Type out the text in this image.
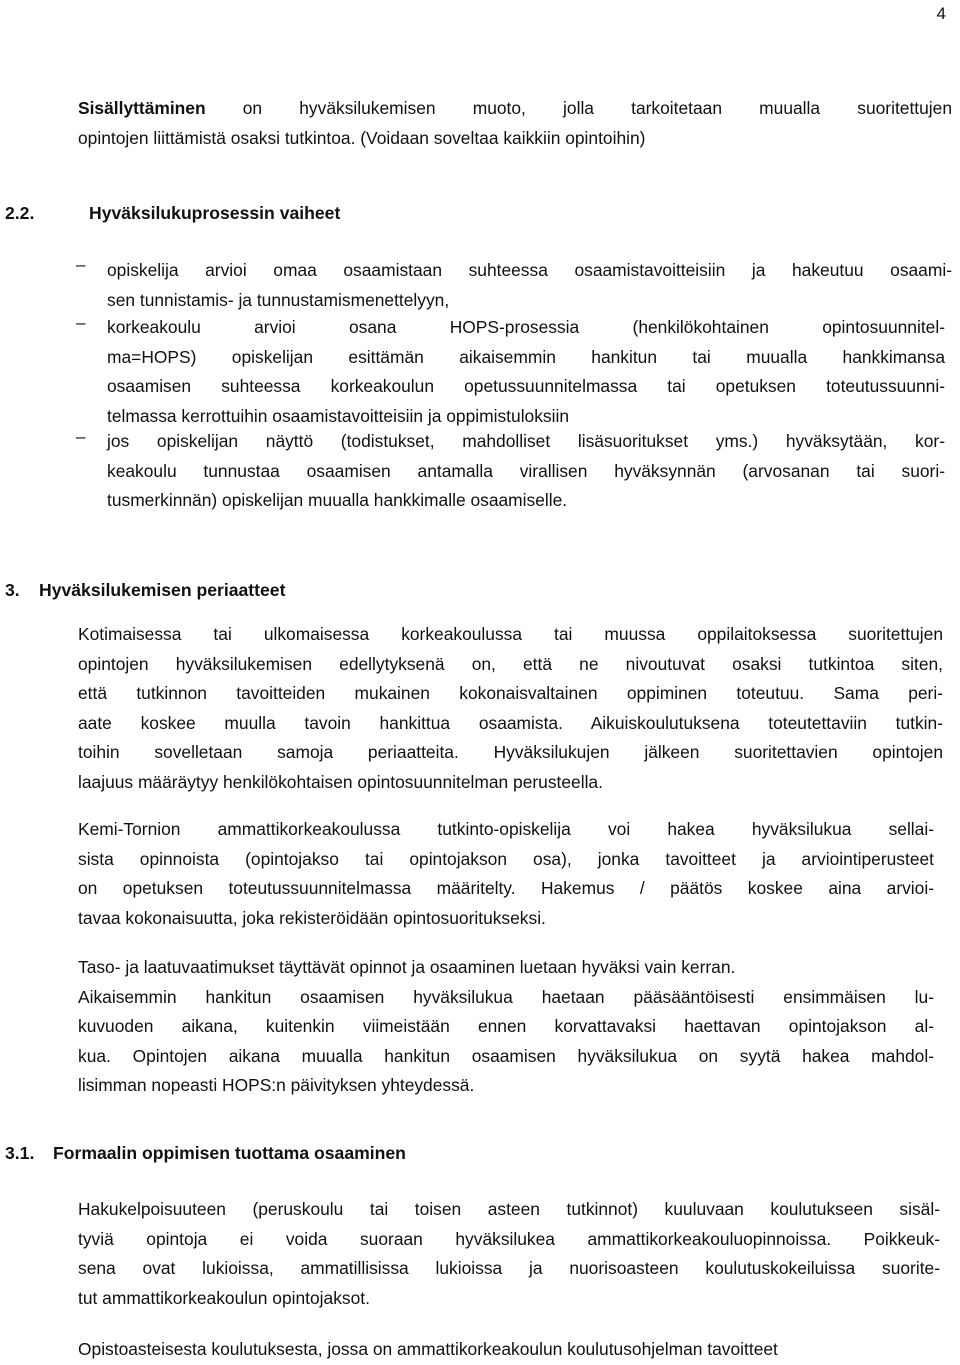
4
Sisällyttäminen on hyväksilukemisen muoto, jolla tarkoitetaan muualla suoritettujen
opintojen liittämistä osaksi tutkintoa. (Voidaan soveltaa kaikkiin opintoihin)
2.2.	Hyväksilukuprosessin vaiheet
– opiskelija arvioi omaa osaamistaan suhteessa osaamistavoitteisiin ja hakeutuu osaami-
sen tunnistamis- ja tunnustamismenettelyyn,
– korkeakoulu arvioi osana HOPS-prosessia (henkilökohtainen opintosuunnitel-
ma=HOPS) opiskelijan esittämän aikaisemmin hankitun tai muualla hankkimansa
osaamisen suhteessa korkeakoulun opetussuunnitelmassa tai opetuksen toteutussuunni-
telmassa kerrottuihin osaamistavoitteisiin ja oppimistuloksiin
– jos opiskelijan näyttö (todistukset, mahdolliset lisäsuoritukset yms.) hyväksytään, kor-
keakoulu tunnustaa osaamisen antamalla virallisen hyväksynnän (arvosanan tai suori-
tusmerkinnän) opiskelijan muualla hankkimalle osaamiselle.
3. Hyväksilukemisen periaatteet
Kotimaisessa tai ulkomaisessa korkeakoulussa tai muussa oppilaitoksessa suoritettujen
opintojen hyväksilukemisen edellytyksenä on, että ne nivoutuvat osaksi tutkintoa siten,
että tutkinnon tavoitteiden mukainen kokonaisvaltainen oppiminen toteutuu. Sama peri-
aate koskee muulla tavoin hankittua osaamista. Aikuiskoulutuksena toteutettaviin tutkin-
toihin sovelletaan samoja periaatteita. Hyväksilukujen jälkeen suoritettavien opintojen
laajuus määräytyy henkilökohtaisen opintosuunnitelman perusteella.
Kemi-Tornion ammattikorkeakoulussa tutkinto-opiskelija voi hakea hyväksilukua sellai-
sista opinnoista (opintojakso tai opintojakson osa), jonka tavoitteet ja arviointiperusteet
on opetuksen toteutussuunnitelmassa määritelty. Hakemus / päätös koskee aina arvioi-
tavaa kokonaisuutta, joka rekisteröidään opintosuoritukseksi.
Taso- ja laatuvaatimukset täyttävät opinnot ja osaaminen luetaan hyväksi vain kerran.
Aikaisemmin hankitun osaamisen hyväksilukua haetaan pääsääntöisesti ensimmäisen lu-
kuvuoden aikana, kuitenkin viimeistään ennen korvattavaksi haettavan opintojakson al-
kua. Opintojen aikana muualla hankitun osaamisen hyväksilukua on syytä hakea mahdol-
lisimman nopeasti HOPS:n päivityksen yhteydessä.
3.1. Formaalin oppimisen tuottama osaaminen
Hakukelpoisuuteen (peruskoulu tai toisen asteen tutkinnot) kuuluvaan koulutukseen sisäl-
tyviä opintoja ei voida suoraan hyväksilukea ammattikorkeakouluopinnoissa. Poikkeuk-
sena ovat lukioissa, ammatillisissa lukioissa ja nuorisoasteen koulutuskokeiluissa suorite-
tut ammattikorkeakoulun opintojaksot.
Opistoasteisesta koulutuksesta, jossa on ammattikorkeakoulun koulutusohjelman tavoitteet
